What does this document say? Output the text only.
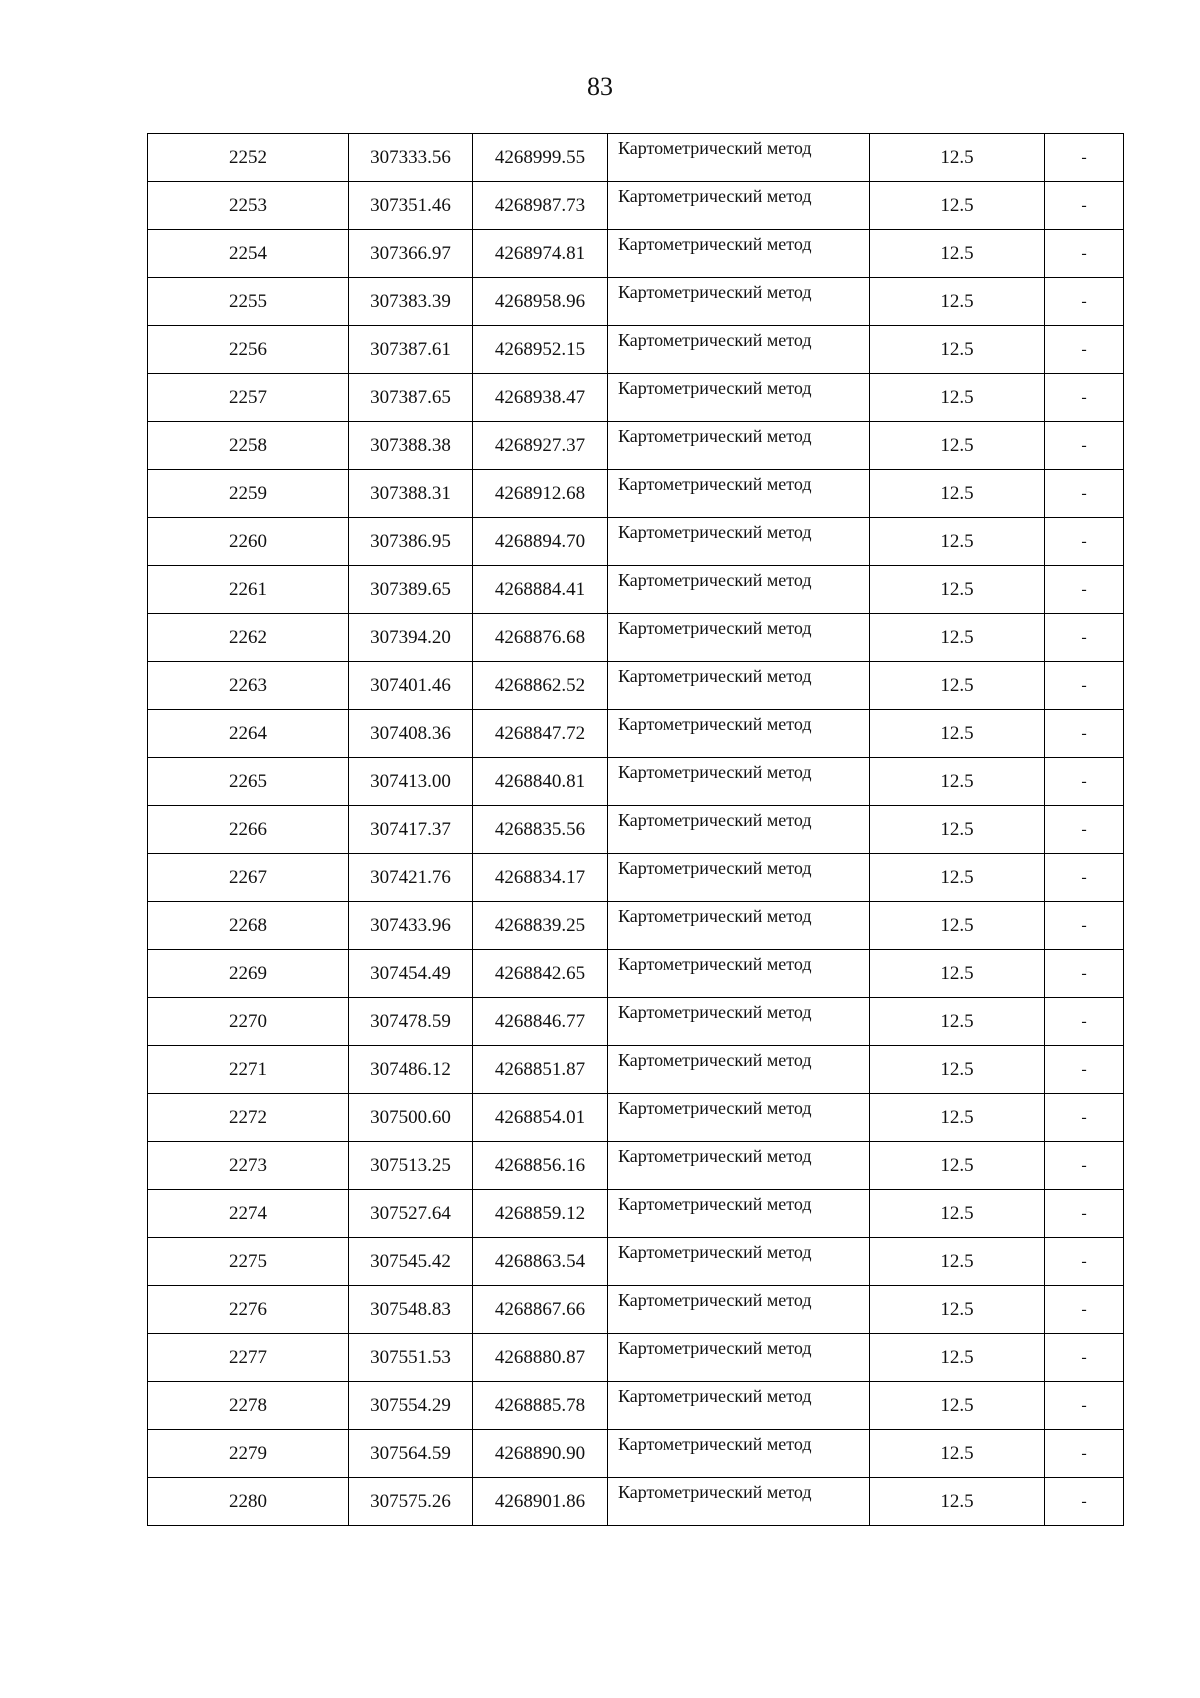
83
2252	307333.56	4268999.55	Картометрический метод	12.5	-
2253	307351.46	4268987.73	Картометрический метод	12.5	-
2254	307366.97	4268974.81	Картометрический метод	12.5	-
2255	307383.39	4268958.96	Картометрический метод	12.5	-
2256	307387.61	4268952.15	Картометрический метод	12.5	-
2257	307387.65	4268938.47	Картометрический метод	12.5	-
2258	307388.38	4268927.37	Картометрический метод	12.5	-
2259	307388.31	4268912.68	Картометрический метод	12.5	-
2260	307386.95	4268894.70	Картометрический метод	12.5	-
2261	307389.65	4268884.41	Картометрический метод	12.5	-
2262	307394.20	4268876.68	Картометрический метод	12.5	-
2263	307401.46	4268862.52	Картометрический метод	12.5	-
2264	307408.36	4268847.72	Картометрический метод	12.5	-
2265	307413.00	4268840.81	Картометрический метод	12.5	-
2266	307417.37	4268835.56	Картометрический метод	12.5	-
2267	307421.76	4268834.17	Картометрический метод	12.5	-
2268	307433.96	4268839.25	Картометрический метод	12.5	-
2269	307454.49	4268842.65	Картометрический метод	12.5	-
2270	307478.59	4268846.77	Картометрический метод	12.5	-
2271	307486.12	4268851.87	Картометрический метод	12.5	-
2272	307500.60	4268854.01	Картометрический метод	12.5	-
2273	307513.25	4268856.16	Картометрический метод	12.5	-
2274	307527.64	4268859.12	Картометрический метод	12.5	-
2275	307545.42	4268863.54	Картометрический метод	12.5	-
2276	307548.83	4268867.66	Картометрический метод	12.5	-
2277	307551.53	4268880.87	Картометрический метод	12.5	-
2278	307554.29	4268885.78	Картометрический метод	12.5	-
2279	307564.59	4268890.90	Картометрический метод	12.5	-
2280	307575.26	4268901.86	Картометрический метод	12.5	-
